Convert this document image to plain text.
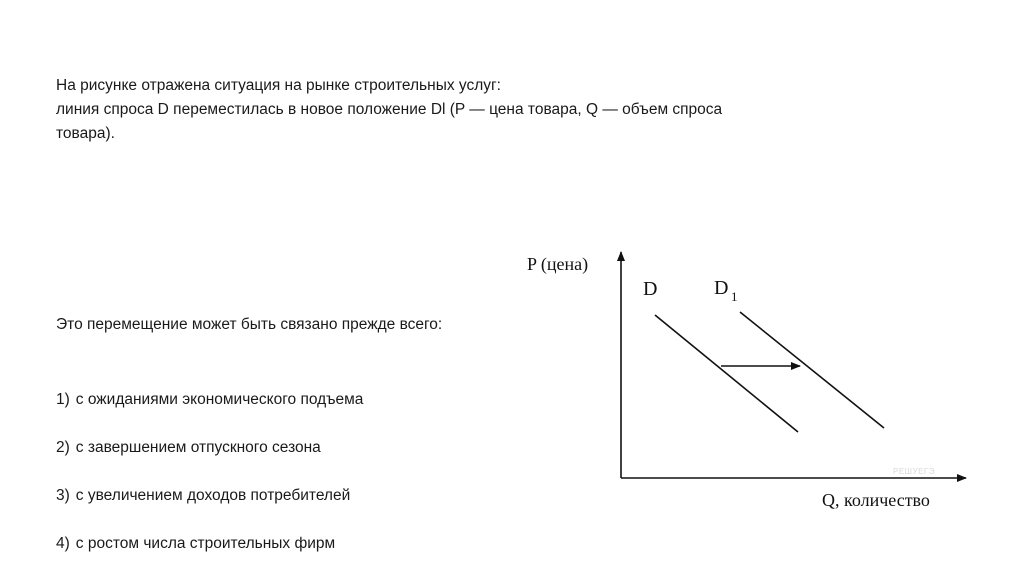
На рисунке отражена ситуация на рынке строительных услуг:

линия спроса D переместилась в новое положение Dl (P — цена товара, Q — объем спроса

товара).

Это перемещение может быть связано прежде всего:
1) с ожиданиями экономического подъема
2) с завершением отпускного сезона
3) с увеличением доходов потребителей
4) с ростом числа строительных фирм
P (цена)
Q, количество
РЕШУЕГЭ
D	D 1
